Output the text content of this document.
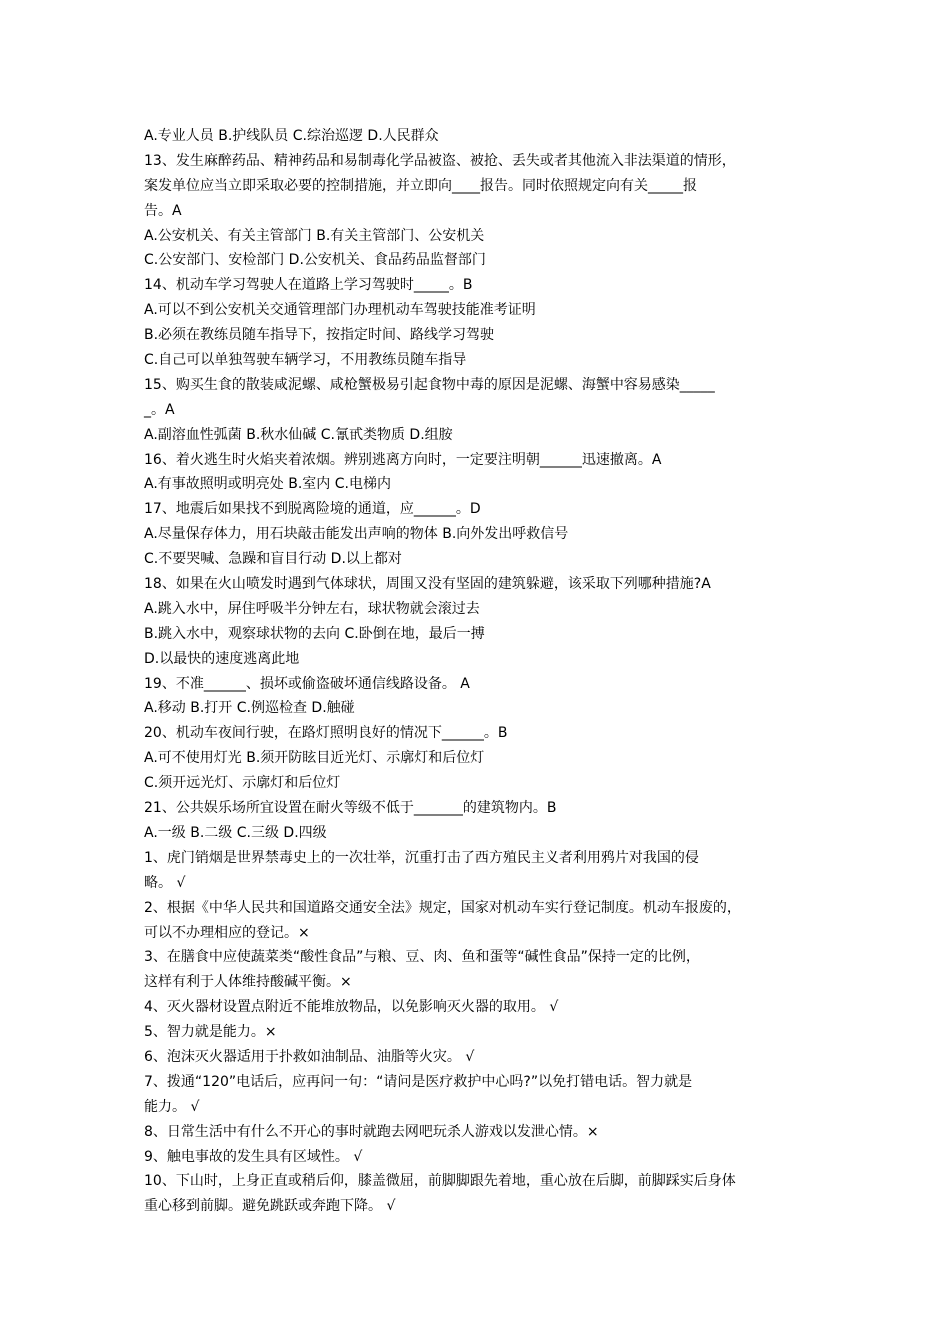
A.专业人员 B.护线队员 C.综治巡逻 D.人民群众
13、发生麻醉药品、精神药品和易制毒化学品被盗、被抢、丢失或者其他流入非法渠道的情形，
案发单位应当立即采取必要的控制措施，并立即向____报告。同时依照规定向有关_____报
告。A
A.公安机关、有关主管部门 B.有关主管部门、公安机关
C.公安部门、安检部门 D.公安机关、食品药品监督部门
14、机动车学习驾驶人在道路上学习驾驶时_____。B
A.可以不到公安机关交通管理部门办理机动车驾驶技能准考证明
B.必须在教练员随车指导下，按指定时间、路线学习驾驶
C.自己可以单独驾驶车辆学习，不用教练员随车指导
15、购买生食的散装咸泥螺、咸枪蟹极易引起食物中毒的原因是泥螺、海蟹中容易感染_____
_。A
A.副溶血性弧菌 B.秋水仙碱 C.氰甙类物质 D.组胺
16、着火逃生时火焰夹着浓烟。辨别逃离方向时，一定要注明朝______迅速撤离。A
A.有事故照明或明亮处 B.室内 C.电梯内
17、地震后如果找不到脱离险境的通道，应______。D
A.尽量保存体力，用石块敲击能发出声响的物体 B.向外发出呼救信号
C.不要哭喊、急躁和盲目行动 D.以上都对
18、如果在火山喷发时遇到气体球状，周围又没有坚固的建筑躲避，该采取下列哪种措施?A
A.跳入水中，屏住呼吸半分钟左右，球状物就会滚过去
B.跳入水中，观察球状物的去向 C.卧倒在地，最后一搏
D.以最快的速度逃离此地
19、不准______、损坏或偷盗破坏通信线路设备。 A
A.移动 B.打开 C.例巡检查 D.触碰
20、机动车夜间行驶，在路灯照明良好的情况下______。B
A.可不使用灯光 B.须开防眩目近光灯、示廓灯和后位灯
C.须开远光灯、示廓灯和后位灯
21、公共娱乐场所宜设置在耐火等级不低于_______的建筑物内。B
A.一级 B.二级 C.三级 D.四级
1、虎门销烟是世界禁毒史上的一次壮举，沉重打击了西方殖民主义者利用鸦片对我国的侵
略。 √
2、根据《中华人民共和国道路交通安全法》规定，国家对机动车实行登记制度。机动车报废的，
可以不办理相应的登记。×
3、在膳食中应使蔬菜类“酸性食品”与粮、豆、肉、鱼和蛋等“碱性食品”保持一定的比例，
这样有利于人体维持酸碱平衡。×
4、灭火器材设置点附近不能堆放物品，以免影响灭火器的取用。 √
5、智力就是能力。×
6、泡沫灭火器适用于扑救如油制品、油脂等火灾。 √
7、拨通“120”电话后，应再问一句：“请问是医疗救护中心吗?”以免打错电话。智力就是
能力。 √
8、日常生活中有什么不开心的事时就跑去网吧玩杀人游戏以发泄心情。×
9、触电事故的发生具有区域性。 √
10、下山时，上身正直或稍后仰，膝盖微屈，前脚脚跟先着地，重心放在后脚，前脚踩实后身体
重心移到前脚。避免跳跃或奔跑下降。 √
